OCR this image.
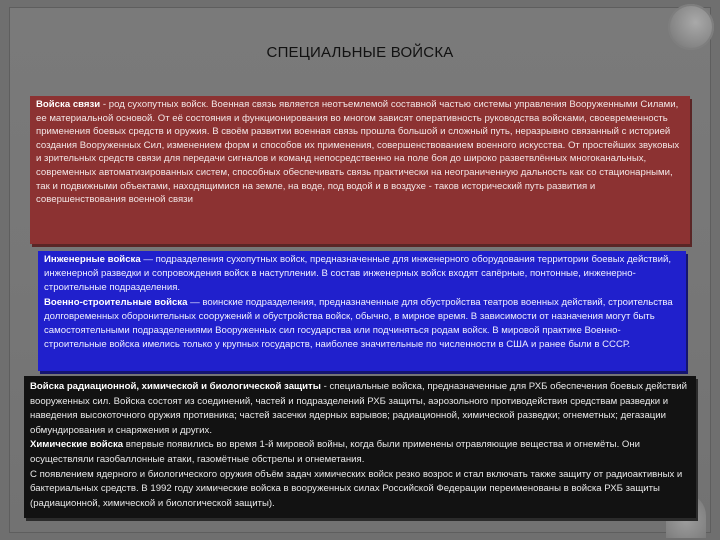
СПЕЦИАЛЬНЫЕ ВОЙСКА

Войска связи - род сухопутных войск. Военная связь является неотъемлемой составной частью системы управления Вооруженными Силами, ее материальной основой. От её состояния и функционирования во многом зависят оперативность руководства войсками, своевременность применения боевых средств и оружия. В своём развитии военная связь прошла большой и сложный путь, неразрывно связанный с историей создания Вооруженных Сил, изменением форм и способов их применения, совершенствованием военного искусства. От простейших звуковых и зрительных средств связи для передачи сигналов и команд непосредственно на поле боя до широко разветвлённых многоканальных, современных автоматизированных систем, способных обеспечивать связь практически на неограниченную дальность как со стационарными, так и подвижными объектами, находящимися на земле, на воде, под водой и в воздухе - таков исторический путь развития и совершенствования военной связи

Инженерные войска — подразделения сухопутных войск, предназначенные для инженерного оборудования территории боевых действий, инженерной разведки и сопровождения войск в наступлении. В состав инженерных войск входят сапёрные, понтонные, инженерно-строительные подразделения.

Военно-строительные войска — воинские подразделения, предназначенные для обустройства театров военных действий, строительства долговременных оборонительных сооружений и обустройства войск, обычно, в мирное время. В зависимости от назначения могут быть самостоятельными подразделениями Вооруженных сил государства или подчиняться родам войск. В мировой практике Военно-строительные войска имелись только у крупных государств, наиболее значительные по численности в США и ранее были в СССР.

Войска радиационной, химической и биологической защиты - специальные войска, предназначенные для РХБ обеспечения боевых действий вооруженных сил. Войска состоят из соединений, частей и подразделений РХБ защиты, аэрозольного противодействия средствам разведки и наведения высокоточного оружия противника; частей засечки ядерных взрывов; радиационной, химической разведки; огнеметных; дегазации обмундирования и снаряжения и других.

Химические войска впервые появились во время 1-й мировой войны, когда были применены отравляющие вещества и огнемёты. Они осуществляли газобаллонные атаки, газомётные обстрелы и огнеметания.

С появлением ядерного и биологического оружия объём задач химических войск резко возрос и стал включать также защиту от радиоактивных и бактериальных средств. В 1992 году химические войска в вооруженных силах Российской Федерации переименованы в войска РХБ защиты (радиационной, химической и биологической защиты).
